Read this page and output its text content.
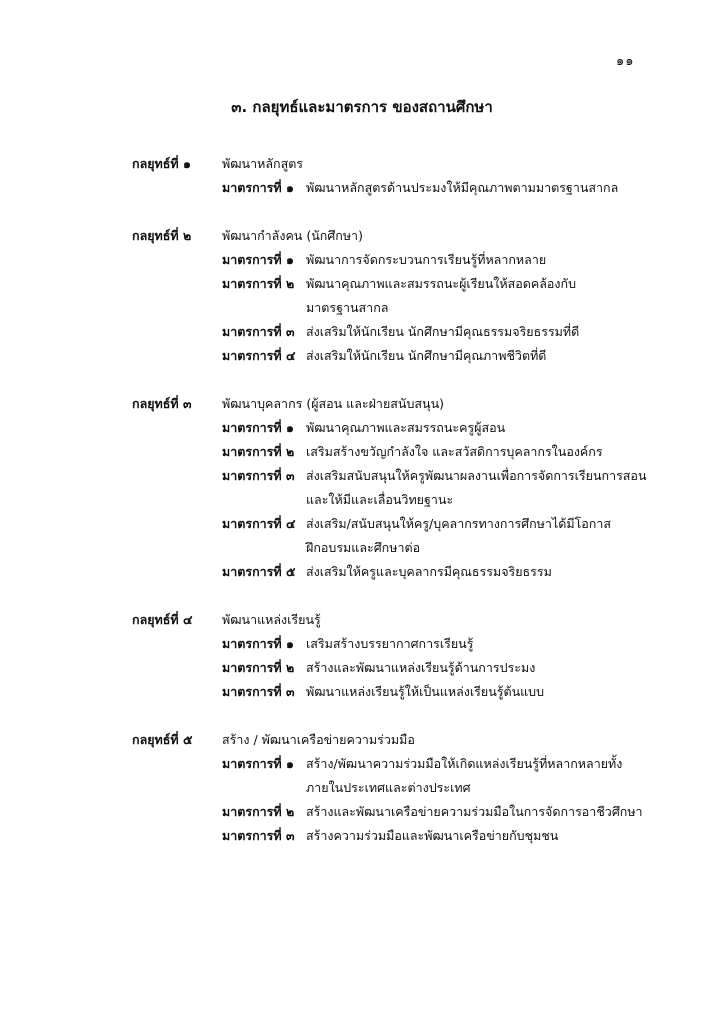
๑๑
๓. กลยุทธ์และมาตรการ ของสถานศึกษา
กลยุทธ์ที่ ๑	พัฒนาหลักสูตร
มาตรการที่ ๑ พัฒนาหลักสูตรด้านประมงให้มีคุณภาพตามมาตรฐานสากล
กลยุทธ์ที่ ๒	พัฒนากำลังคน (นักศึกษา)
มาตรการที่ ๑ พัฒนาการจัดกระบวนการเรียนรู้ที่หลากหลาย
มาตรการที่ ๒ พัฒนาคุณภาพและสมรรถนะผู้เรียนให้สอดคล้องกับ
มาตรฐานสากล
มาตรการที่ ๓ ส่งเสริมให้นักเรียน นักศึกษามีคุณธรรมจริยธรรมที่ดี
มาตรการที่ ๔ ส่งเสริมให้นักเรียน นักศึกษามีคุณภาพชีวิตที่ดี
กลยุทธ์ที่ ๓	พัฒนาบุคลากร (ผู้สอน และฝ่ายสนับสนุน)
มาตรการที่ ๑ พัฒนาคุณภาพและสมรรถนะครูผู้สอน
มาตรการที่ ๒ เสริมสร้างขวัญกำลังใจ และสวัสดิการบุคลากรในองค์กร
มาตรการที่ ๓ ส่งเสริมสนับสนุนให้ครูพัฒนาผลงานเพื่อการจัดการเรียนการสอน
และให้มีและเลื่อนวิทยฐานะ
มาตรการที่ ๔ ส่งเสริม/สนับสนุนให้ครู/บุคลากรทางการศึกษาได้มีโอกาส
ฝึกอบรมและศึกษาต่อ
มาตรการที่ ๕ ส่งเสริมให้ครูและบุคลากรมีคุณธรรมจริยธรรม
กลยุทธ์ที่ ๔	พัฒนาแหล่งเรียนรู้
มาตรการที่ ๑ เสริมสร้างบรรยากาศการเรียนรู้
มาตรการที่ ๒ สร้างและพัฒนาแหล่งเรียนรู้ด้านการประมง
มาตรการที่ ๓ พัฒนาแหล่งเรียนรู้ให้เป็นแหล่งเรียนรู้ต้นแบบ
กลยุทธ์ที่ ๕	สร้าง / พัฒนาเครือข่ายความร่วมมือ
มาตรการที่ ๑ สร้าง/พัฒนาความร่วมมือให้เกิดแหล่งเรียนรู้ที่หลากหลายทั้ง
ภายในประเทศและต่างประเทศ
มาตรการที่ ๒ สร้างและพัฒนาเครือข่ายความร่วมมือในการจัดการอาชีวศึกษา
มาตรการที่ ๓ สร้างความร่วมมือและพัฒนาเครือข่ายกับชุมชน
